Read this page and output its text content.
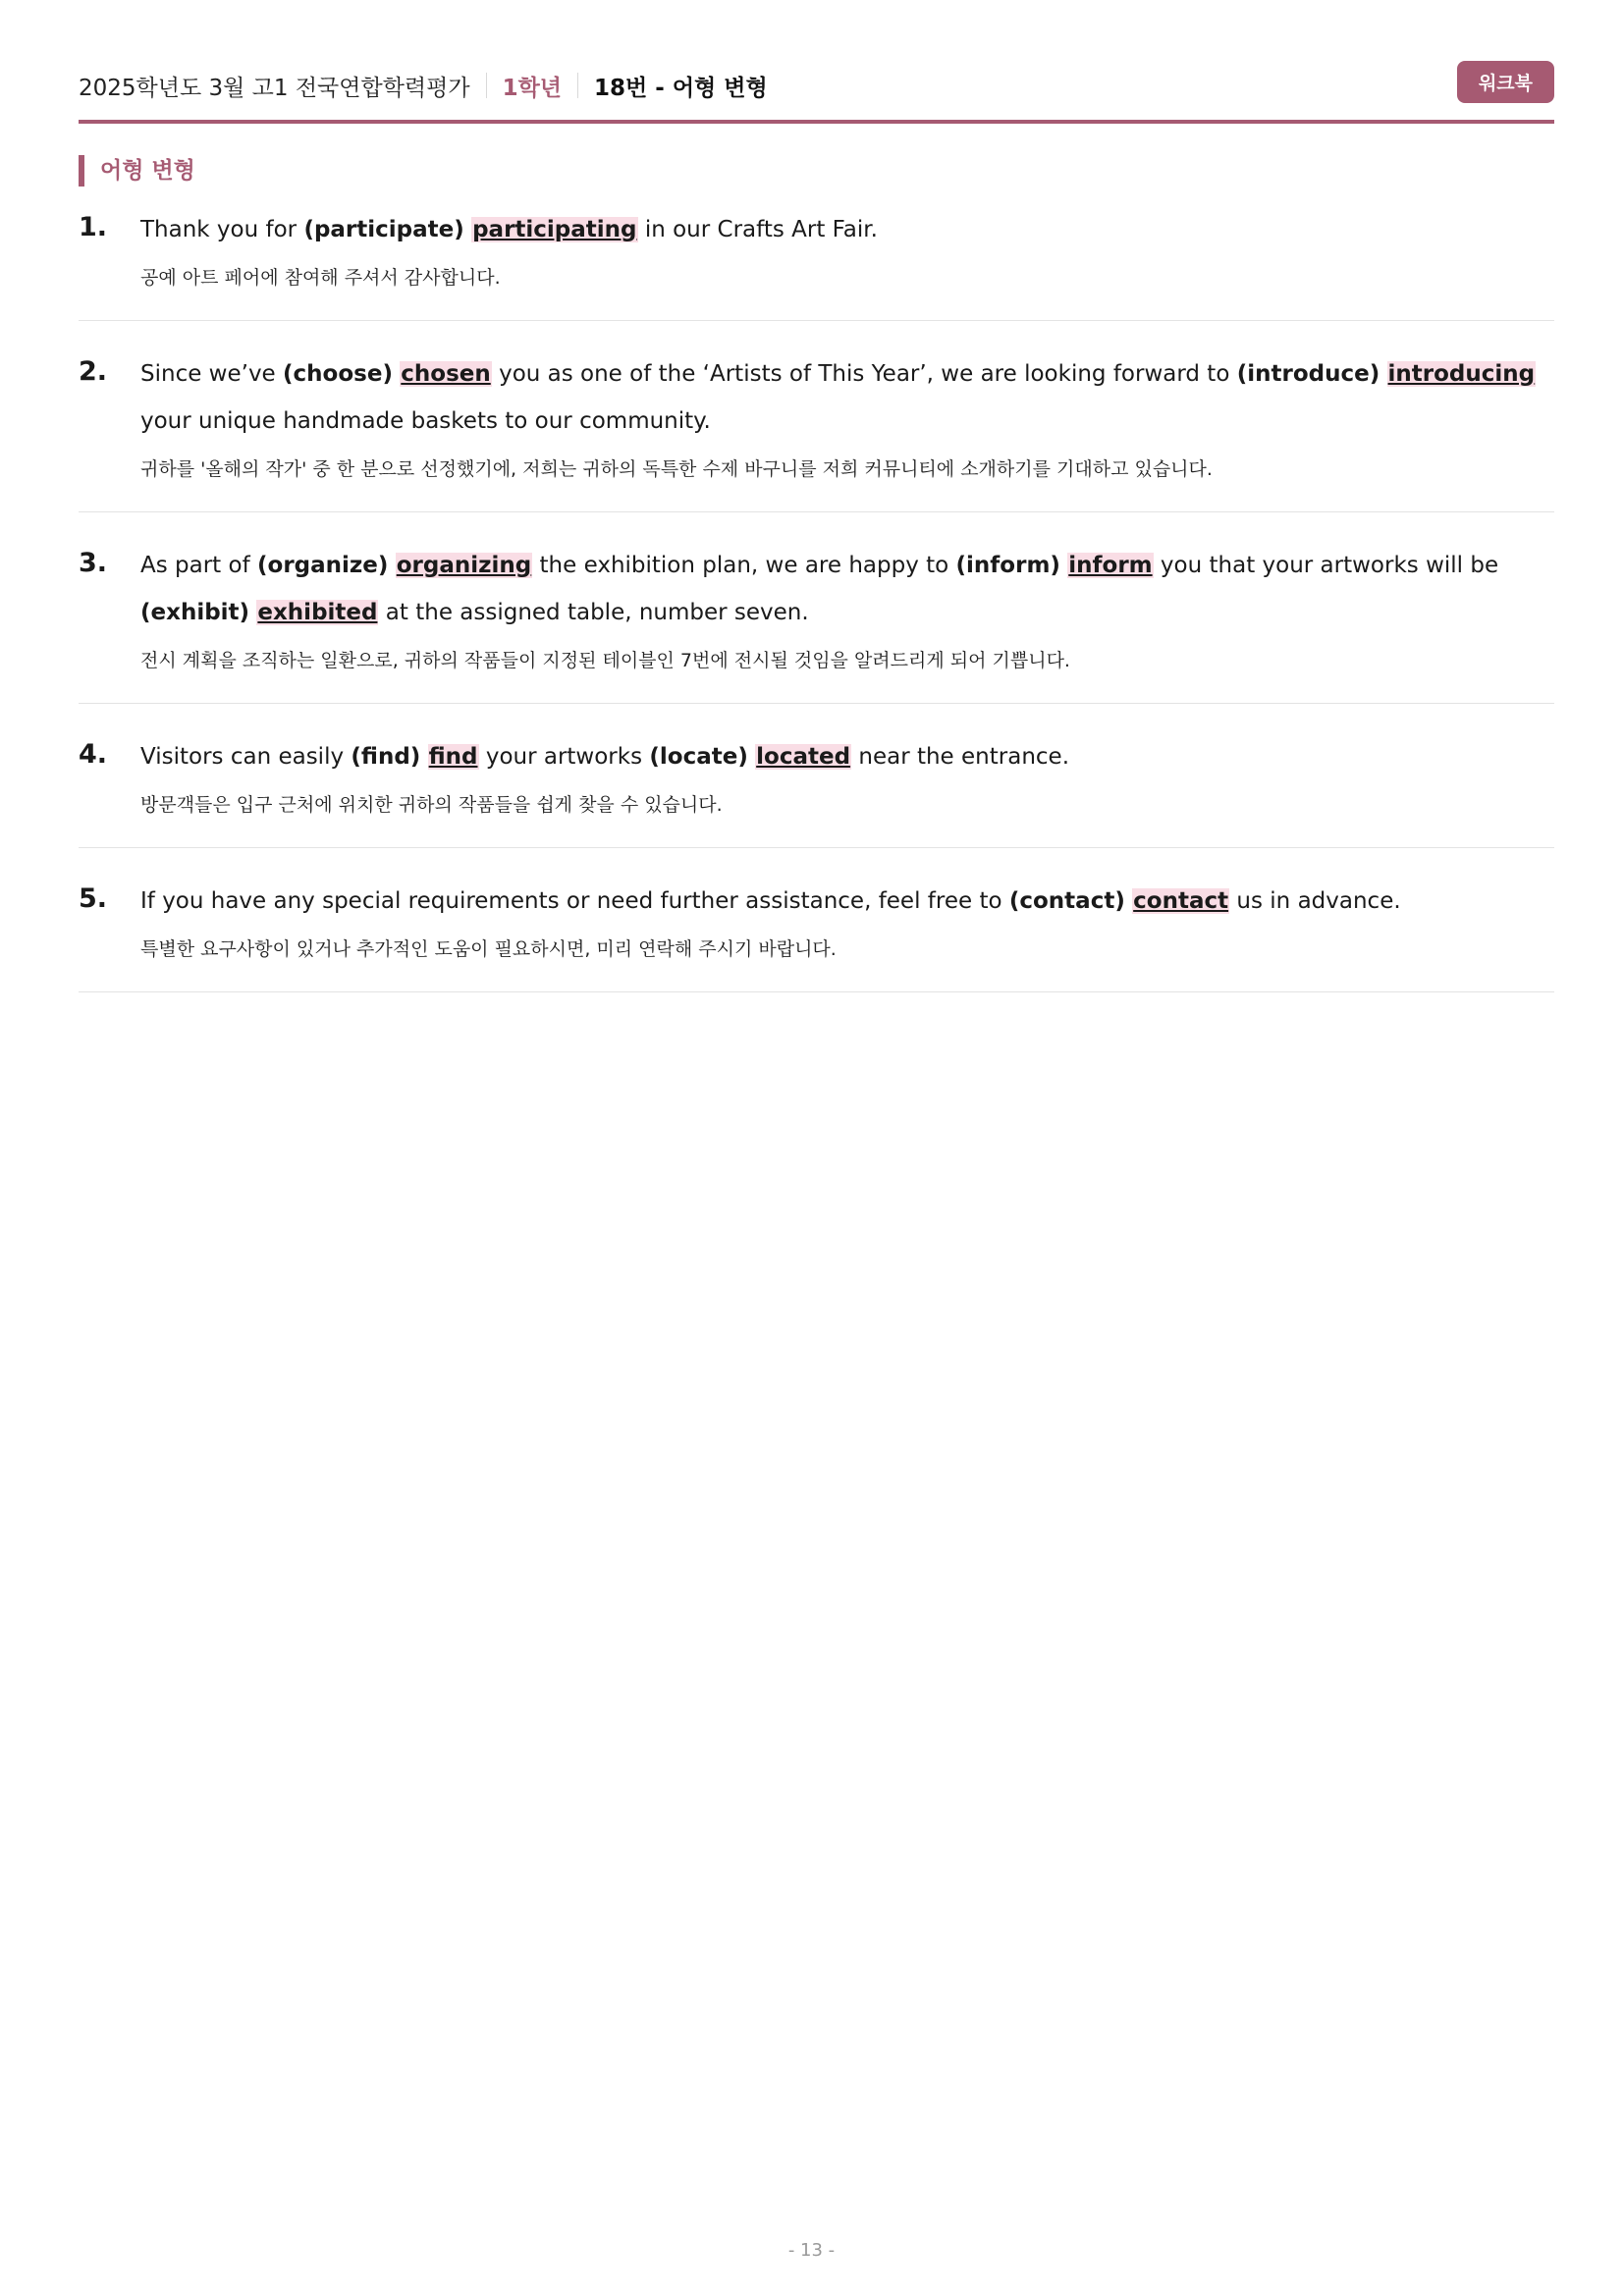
2025학년도 3월 고1 전국연합학력평가 1학년 18번 - 어형 변형	워크북
어형 변형
1. Thank you for (participate) participating in our Crafts Art Fair.
공예 아트 페어에 참여해 주셔서 감사합니다.
2. Since we’ve (choose) chosen you as one of the ‘Artists of This Year’, we are looking forward to (introduce) introducing your unique handmade baskets to our community.
귀하를 '올해의 작가' 중 한 분으로 선정했기에, 저희는 귀하의 독특한 수제 바구니를 저희 커뮤니티에 소개하기를 기대하고 있습니다.
3. As part of (organize) organizing the exhibition plan, we are happy to (inform) inform you that your artworks will be (exhibit) exhibited at the assigned table, number seven.
전시 계획을 조직하는 일환으로, 귀하의 작품들이 지정된 테이블인 7번에 전시될 것임을 알려드리게 되어 기쁩니다.
4. Visitors can easily (find) find your artworks (locate) located near the entrance.
방문객들은 입구 근처에 위치한 귀하의 작품들을 쉽게 찾을 수 있습니다.
5. If you have any special requirements or need further assistance, feel free to (contact) contact us in advance.
특별한 요구사항이 있거나 추가적인 도움이 필요하시면, 미리 연락해 주시기 바랍니다.
- 13 -
